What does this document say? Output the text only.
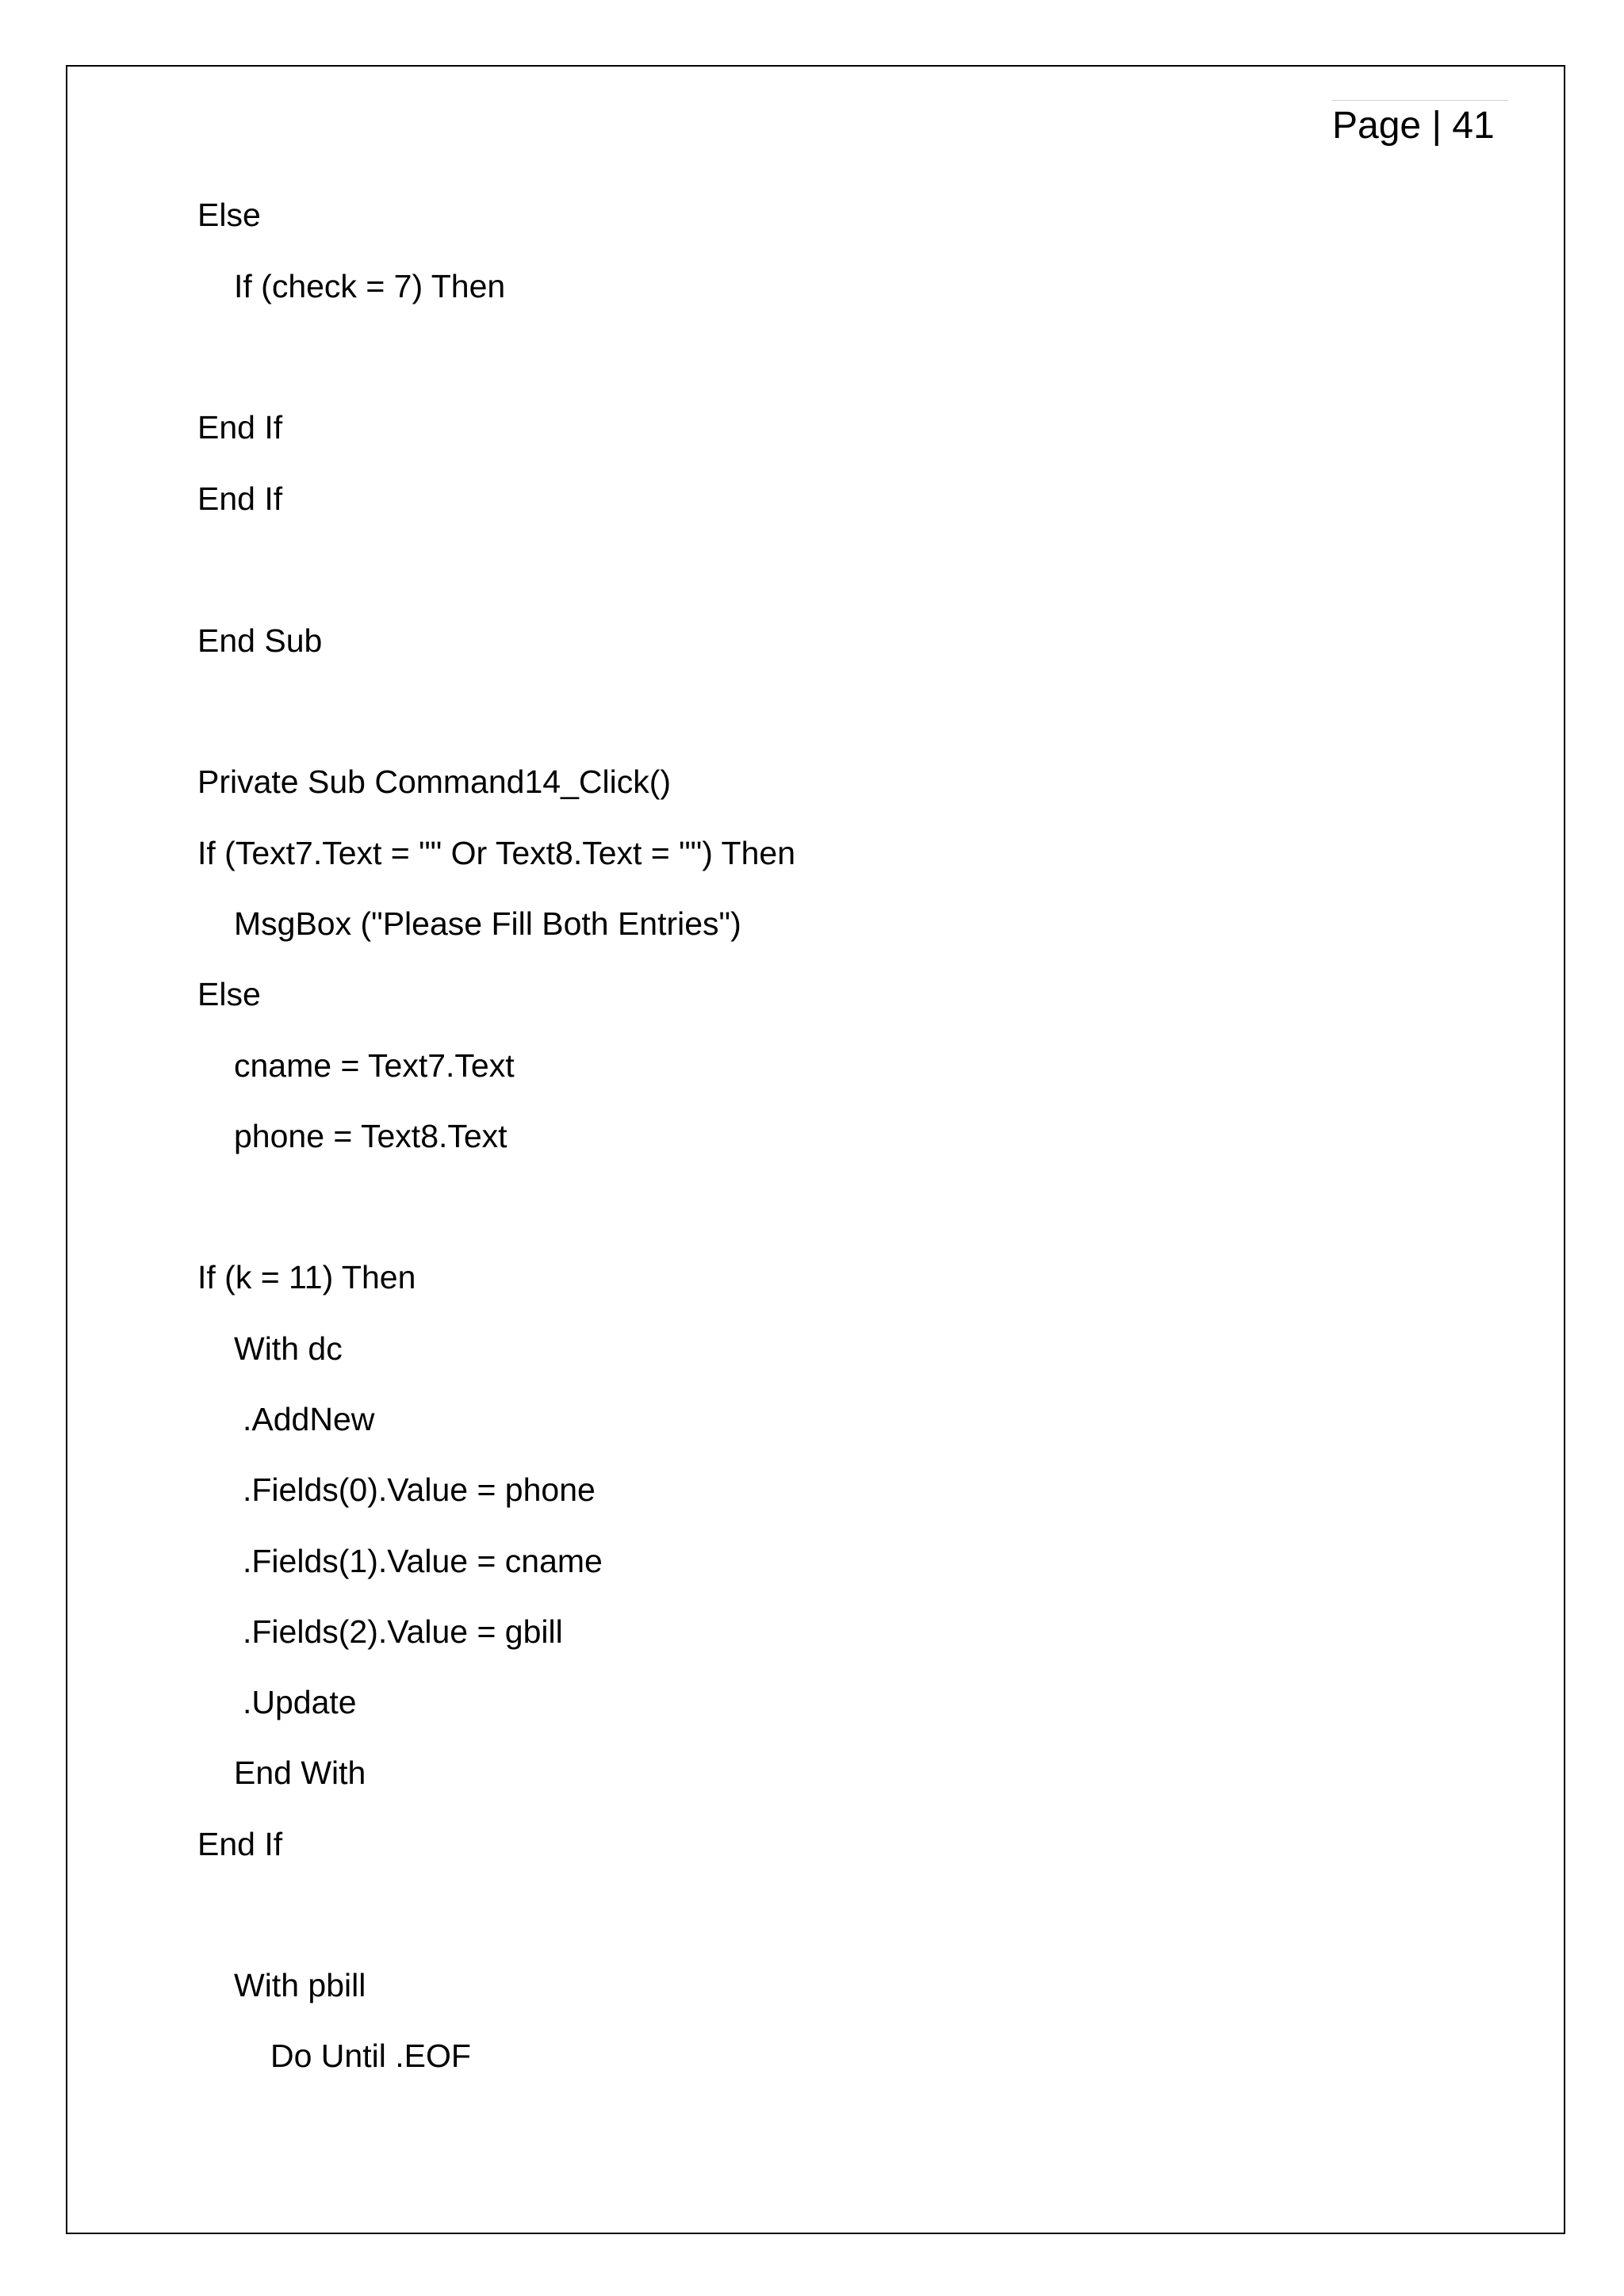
Page | 41
Else
If (check = 7) Then
End If
End If
End Sub
Private Sub Command14_Click()
If (Text7.Text = "" Or Text8.Text = "") Then
MsgBox ("Please Fill Both Entries")
Else
cname = Text7.Text
phone = Text8.Text
If (k = 11) Then
With dc
.AddNew
.Fields(0).Value = phone
.Fields(1).Value = cname
.Fields(2).Value = gbill
.Update
End With
End If
With pbill
Do Until .EOF
